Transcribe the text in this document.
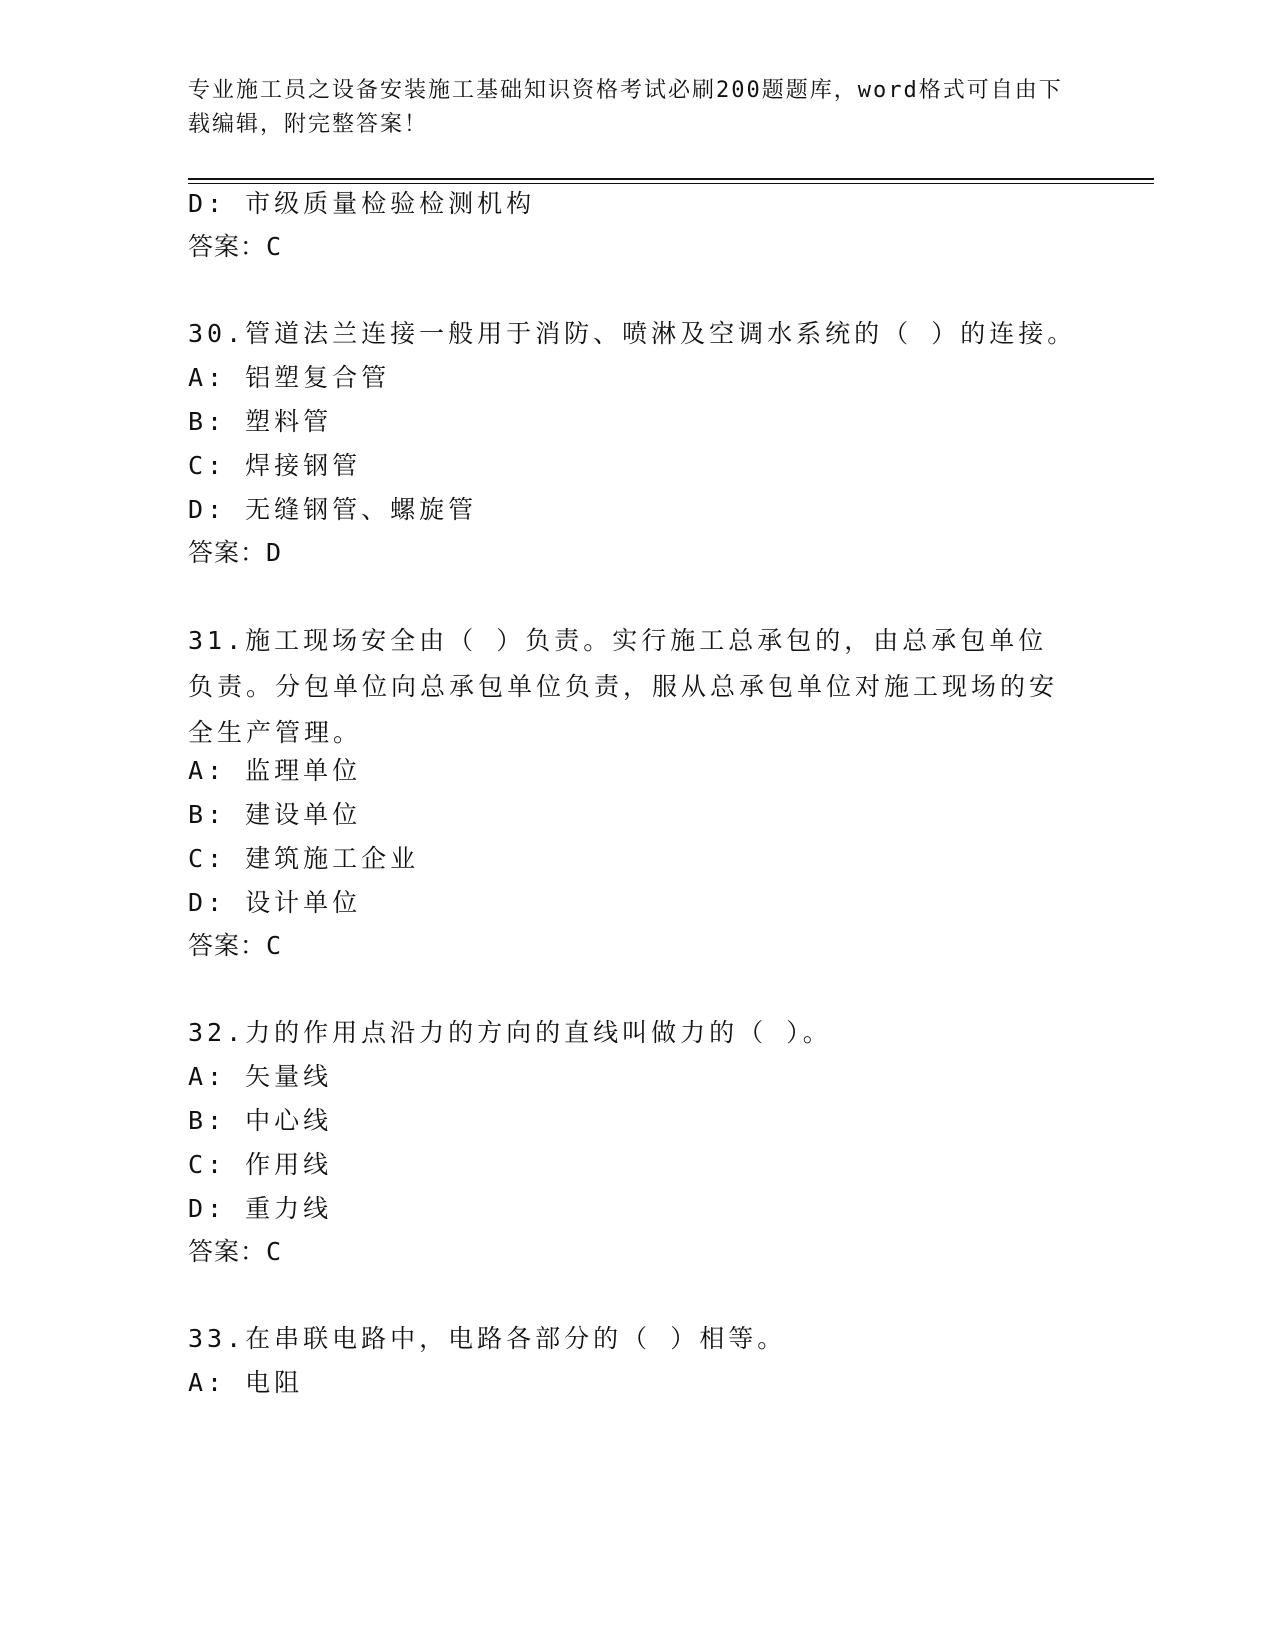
专业施工员之设备安装施工基础知识资格考试必刷200题题库，word格式可自由下载编辑，附完整答案！
D: 市级质量检验检测机构
答案：C
30.管道法兰连接一般用于消防、喷淋及空调水系统的（ ）的连接。
A: 铝塑复合管
B: 塑料管
C: 焊接钢管
D: 无缝钢管、螺旋管
答案：D
31.施工现场安全由（ ）负责。实行施工总承包的，由总承包单位负责。分包单位向总承包单位负责，服从总承包单位对施工现场的安全生产管理。
A: 监理单位
B: 建设单位
C: 建筑施工企业
D: 设计单位
答案：C
32.力的作用点沿力的方向的直线叫做力的（ ）。
A: 矢量线
B: 中心线
C: 作用线
D: 重力线
答案：C
33.在串联电路中，电路各部分的（ ）相等。
A: 电阻
